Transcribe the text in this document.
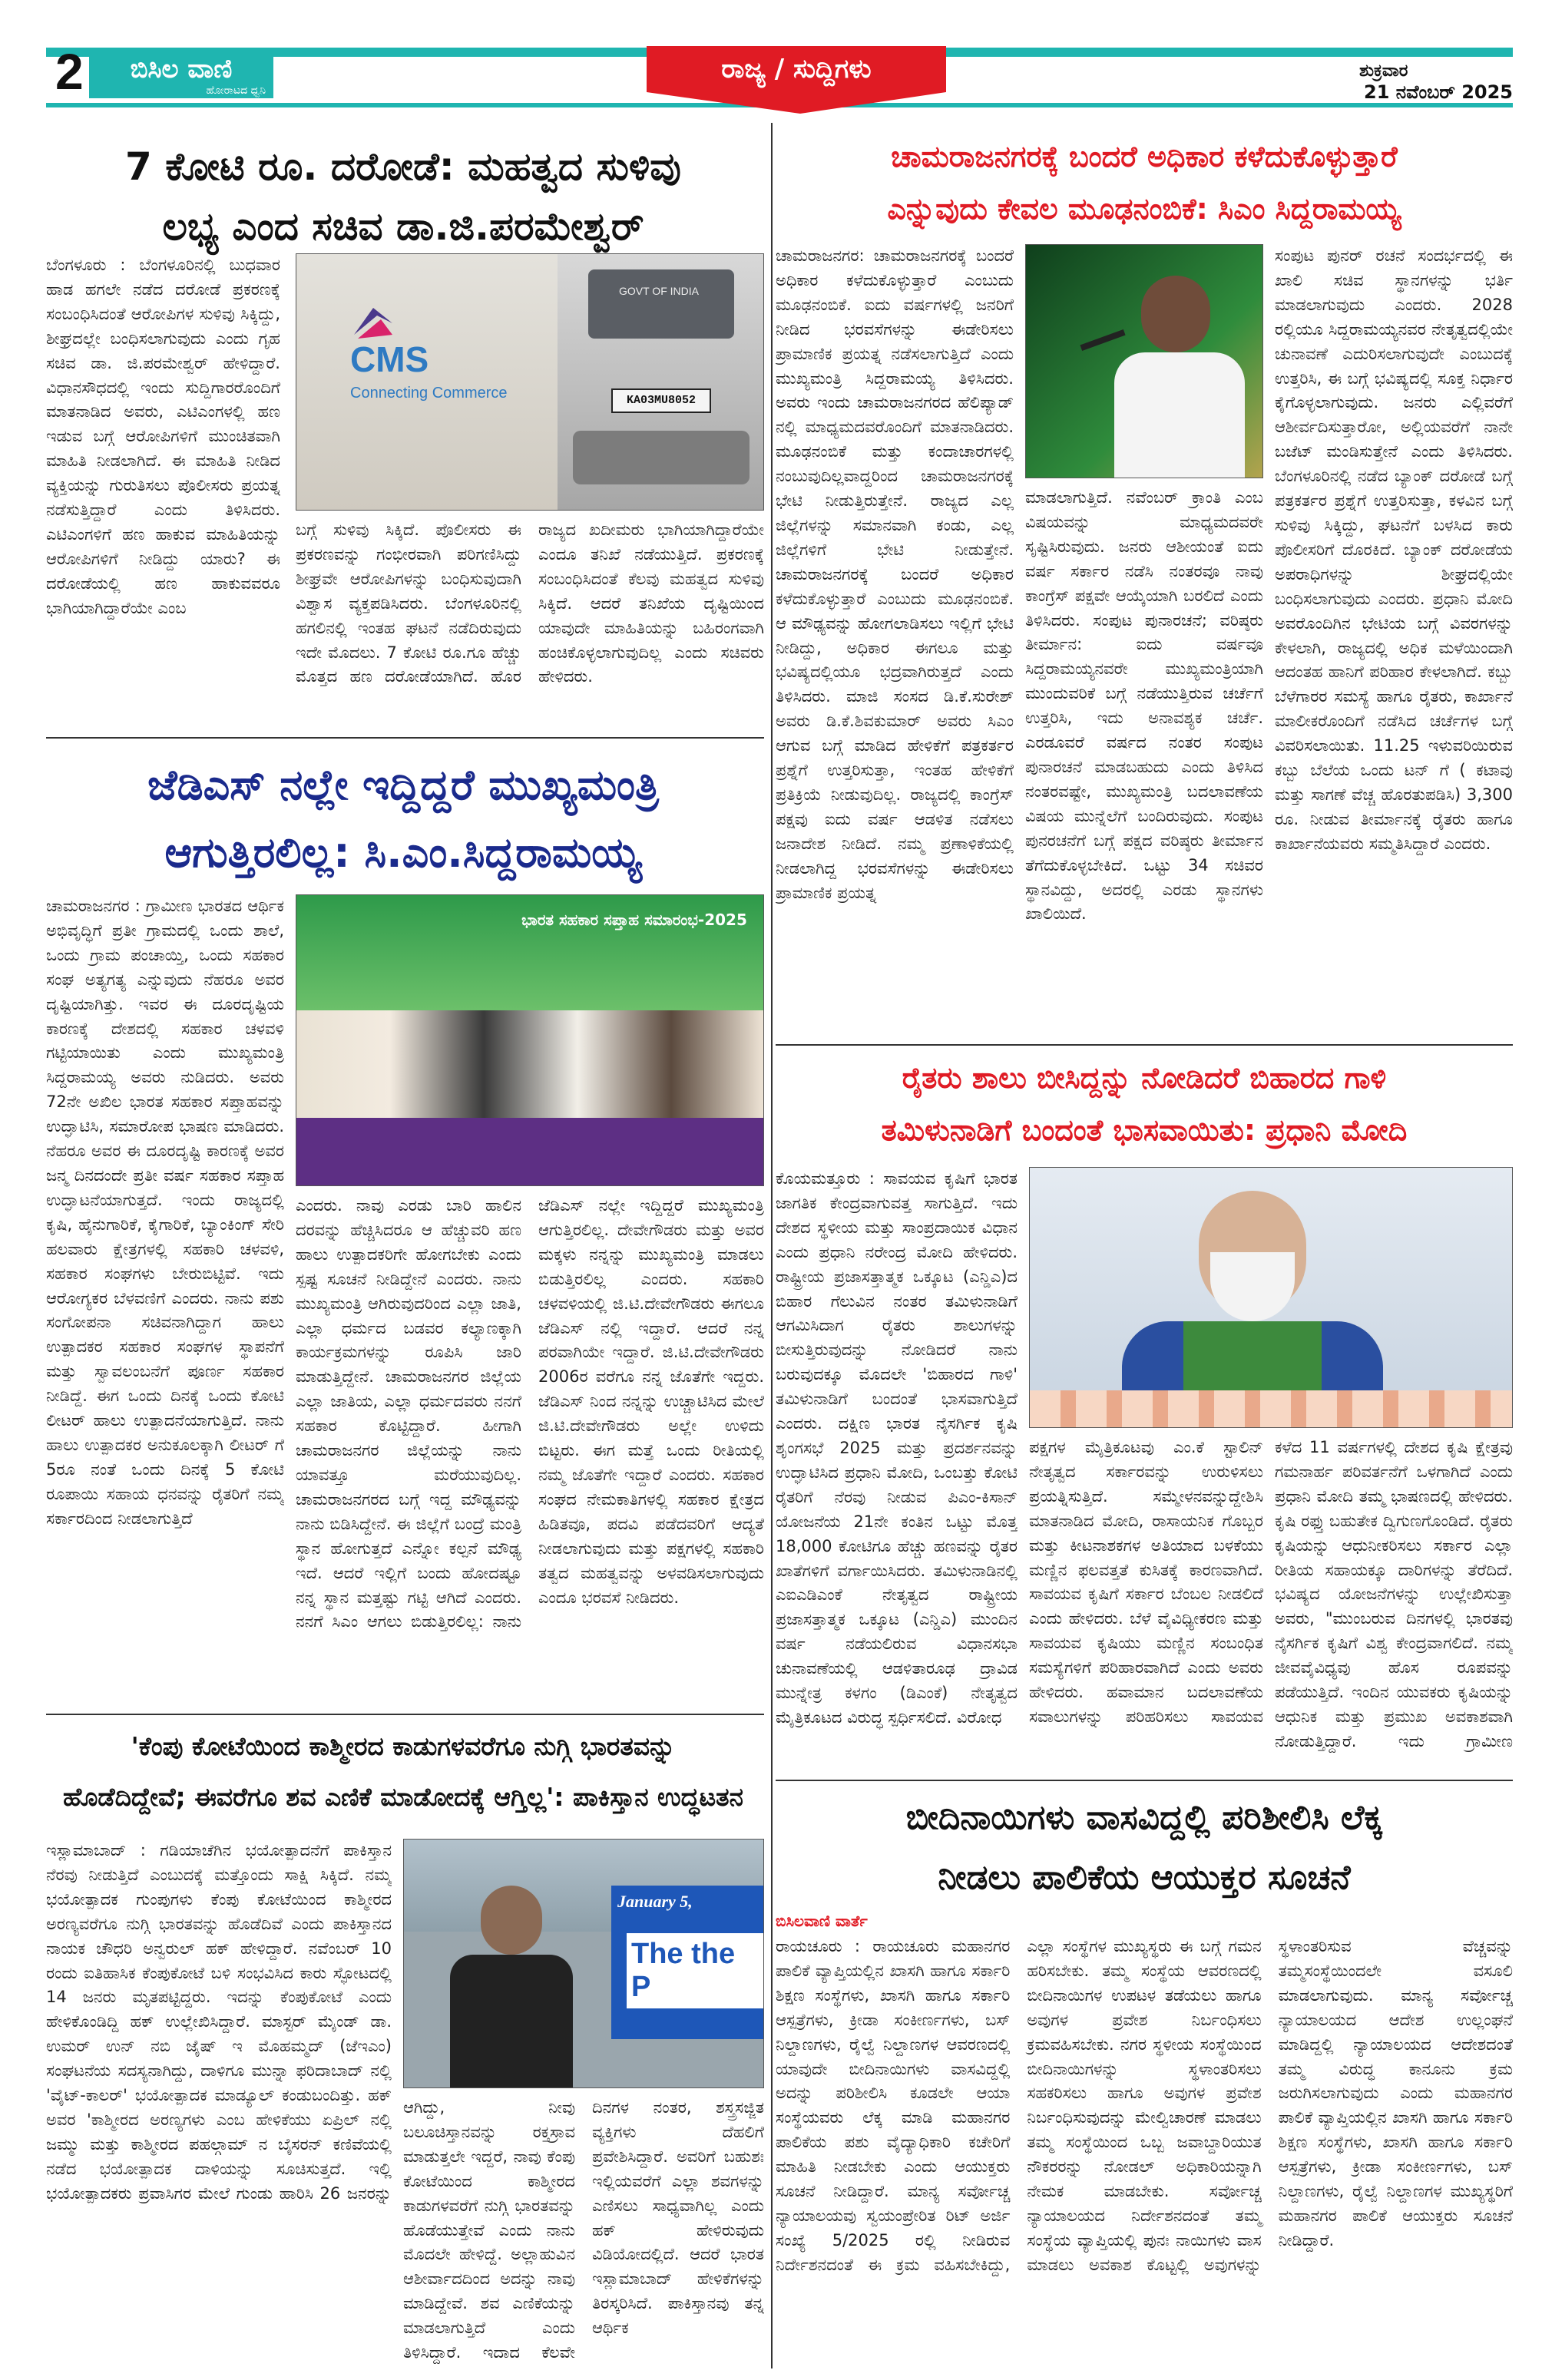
2	ಬಿಸಿಲ ವಾಣಿ
ಹೋರಾಟದ ಧ್ವನಿ
ರಾಜ್ಯ / ಸುದ್ದಿಗಳು	ಶುಕ್ರವಾರ
21 ನವೆಂಬರ್ 2025
7 ಕೋಟಿ ರೂ. ದರೋಡೆ: ಮಹತ್ವದ ಸುಳಿವು
ಲಭ್ಯ ಎಂದ ಸಚಿವ ಡಾ.ಜಿ.ಪರಮೇಶ್ವರ್
ಬೆಂಗಳೂರು : ಬೆಂಗಳೂರಿನಲ್ಲಿ ಬುಧವಾರ ಹಾಡ ಹಗಲೇ ನಡೆದ ದರೋಡೆ ಪ್ರಕರಣಕ್ಕೆ ಸಂಬಂಧಿಸಿದಂತೆ ಆರೋಪಿಗಳ ಸುಳಿವು ಸಿಕ್ಕಿದ್ದು, ಶೀಘ್ರದಲ್ಲೇ ಬಂಧಿಸಲಾಗುವುದು ಎಂದು ಗೃಹ ಸಚಿವ ಡಾ. ಜಿ.ಪರಮೇಶ್ವರ್ ಹೇಳಿದ್ದಾರೆ. ವಿಧಾನಸೌಧದಲ್ಲಿ ಇಂದು ಸುದ್ದಿಗಾರರೊಂದಿಗೆ ಮಾತನಾಡಿದ ಅವರು, ಎಟಿಎಂಗಳಲ್ಲಿ ಹಣ ಇಡುವ ಬಗ್ಗೆ ಆರೋಪಿಗಳಿಗೆ ಮುಂಚಿತವಾಗಿ ಮಾಹಿತಿ ನೀಡಲಾಗಿದೆ. ಈ ಮಾಹಿತಿ ನೀಡಿದ ವ್ಯಕ್ತಿಯನ್ನು ಗುರುತಿಸಲು ಪೊಲೀಸರು ಪ್ರಯತ್ನ ನಡೆಸುತ್ತಿದ್ದಾರೆ ಎಂದು ತಿಳಿಸಿದರು. ಎಟಿಎಂಗಳಿಗೆ ಹಣ ಹಾಕುವ ಮಾಹಿತಿಯನ್ನು ಆರೋಪಿಗಳಿಗೆ ನೀಡಿದ್ದು ಯಾರು? ಈ ದರೋಡೆಯಲ್ಲಿ ಹಣ ಹಾಕುವವರೂ ಭಾಗಿಯಾಗಿದ್ದಾರೆಯೇ ಎಂಬ
CMS
Connecting Commerce
GOVT OF INDIA
KA03MU8052
ಬಗ್ಗೆ ಸುಳಿವು ಸಿಕ್ಕಿದೆ. ಪೊಲೀಸರು ಈ ಪ್ರಕರಣವನ್ನು ಗಂಭೀರವಾಗಿ ಪರಿಗಣಿಸಿದ್ದು ಶೀಘ್ರವೇ ಆರೋಪಿಗಳನ್ನು ಬಂಧಿಸುವುದಾಗಿ ವಿಶ್ವಾಸ ವ್ಯಕ್ತಪಡಿಸಿದರು. ಬೆಂಗಳೂರಿನಲ್ಲಿ ಹಗಲಿನಲ್ಲಿ ಇಂತಹ ಘಟನೆ ನಡೆದಿರುವುದು ಇದೇ ಮೊದಲು. 7 ಕೋಟಿ ರೂ.ಗೂ ಹೆಚ್ಚು ಮೊತ್ತದ ಹಣ ದರೋಡೆಯಾಗಿದೆ. ಹೊರ ರಾಜ್ಯದ ಖದೀಮರು ಭಾಗಿಯಾಗಿದ್ದಾರೆಯೇ ಎಂದೂ ತನಿಖೆ ನಡೆಯುತ್ತಿದೆ. ಪ್ರಕರಣಕ್ಕೆ ಸಂಬಂಧಿಸಿದಂತೆ ಕೆಲವು ಮಹತ್ವದ ಸುಳಿವು ಸಿಕ್ಕಿದೆ. ಆದರೆ ತನಿಖೆಯ ದೃಷ್ಟಿಯಿಂದ ಯಾವುದೇ ಮಾಹಿತಿಯನ್ನು ಬಹಿರಂಗವಾಗಿ ಹಂಚಿಕೊಳ್ಳಲಾಗುವುದಿಲ್ಲ ಎಂದು ಸಚಿವರು ಹೇಳಿದರು.
ಜೆಡಿಎಸ್ ನಲ್ಲೇ ಇದ್ದಿದ್ದರೆ ಮುಖ್ಯಮಂತ್ರಿ
ಆಗುತ್ತಿರಲಿಲ್ಲ: ಸಿ.ಎಂ.ಸಿದ್ದರಾಮಯ್ಯ
ಚಾಮರಾಜನಗರ : ಗ್ರಾಮೀಣ ಭಾರತದ ಆರ್ಥಿಕ ಅಭಿವೃದ್ಧಿಗೆ ಪ್ರತೀ ಗ್ರಾಮದಲ್ಲಿ ಒಂದು ಶಾಲೆ, ಒಂದು ಗ್ರಾಮ ಪಂಚಾಯ್ತಿ, ಒಂದು ಸಹಕಾರ ಸಂಘ ಅತ್ಯಗತ್ಯ ಎನ್ನುವುದು ನೆಹರೂ ಅವರ ದೃಷ್ಟಿಯಾಗಿತ್ತು. ಇವರ ಈ ದೂರದೃಷ್ಟಿಯ ಕಾರಣಕ್ಕೆ ದೇಶದಲ್ಲಿ ಸಹಕಾರ ಚಳವಳಿ ಗಟ್ಟಿಯಾಯಿತು ಎಂದು ಮುಖ್ಯಮಂತ್ರಿ ಸಿದ್ದರಾಮಯ್ಯ ಅವರು ನುಡಿದರು. ಅವರು 72ನೇ ಅಖಿಲ ಭಾರತ ಸಹಕಾರ ಸಪ್ತಾಹವನ್ನು ಉದ್ಘಾಟಿಸಿ, ಸಮಾರೋಪ ಭಾಷಣ ಮಾಡಿದರು. ನೆಹರೂ ಅವರ ಈ ದೂರದೃಷ್ಟಿ ಕಾರಣಕ್ಕೆ ಅವರ ಜನ್ಮ ದಿನದಂದೇ ಪ್ರತೀ ವರ್ಷ ಸಹಕಾರ ಸಪ್ತಾಹ ಉದ್ಘಾಟನೆಯಾಗುತ್ತದೆ. ಇಂದು ರಾಜ್ಯದಲ್ಲಿ ಕೃಷಿ, ಹೈನುಗಾರಿಕೆ, ಕೈಗಾರಿಕೆ, ಬ್ಯಾಂಕಿಂಗ್ ಸೇರಿ ಹಲವಾರು ಕ್ಷೇತ್ರಗಳಲ್ಲಿ ಸಹಕಾರಿ ಚಳವಳಿ, ಸಹಕಾರ ಸಂಘಗಳು ಬೇರುಬಿಟ್ಟಿವೆ. ಇದು ಆರೋಗ್ಯಕರ ಬೆಳವಣಿಗೆ ಎಂದರು. ನಾನು ಪಶು ಸಂಗೋಪನಾ ಸಚಿವನಾಗಿದ್ದಾಗ ಹಾಲು ಉತ್ಪಾದಕರ ಸಹಕಾರ ಸಂಘಗಳ ಸ್ಥಾಪನೆಗೆ ಮತ್ತು ಸ್ವಾವಲಂಬನೆಗೆ ಪೂರ್ಣ ಸಹಕಾರ ನೀಡಿದ್ದೆ. ಈಗ ಒಂದು ದಿನಕ್ಕೆ ಒಂದು ಕೋಟಿ ಲೀಟರ್ ಹಾಲು ಉತ್ಪಾದನೆಯಾಗುತ್ತಿದೆ. ನಾನು ಹಾಲು ಉತ್ಪಾದಕರ ಅನುಕೂಲಕ್ಕಾಗಿ ಲೀಟರ್ ಗೆ 5ರೂ ನಂತೆ ಒಂದು ದಿನಕ್ಕೆ 5 ಕೋಟಿ ರೂಪಾಯಿ ಸಹಾಯ ಧನವನ್ನು ರೈತರಿಗೆ ನಮ್ಮ ಸರ್ಕಾರದಿಂದ ನೀಡಲಾಗುತ್ತಿದೆ
ಭಾರತ ಸಹಕಾರ ಸಪ್ತಾಹ ಸಮಾರಂಭ-2025
ಎಂದರು. ನಾವು ಎರಡು ಬಾರಿ ಹಾಲಿನ ದರವನ್ನು ಹೆಚ್ಚಿಸಿದರೂ ಆ ಹೆಚ್ಚುವರಿ ಹಣ ಹಾಲು ಉತ್ಪಾದಕರಿಗೇ ಹೋಗಬೇಕು ಎಂದು ಸ್ಪಷ್ಟ ಸೂಚನೆ ನೀಡಿದ್ದೇನೆ ಎಂದರು. ನಾನು ಮುಖ್ಯಮಂತ್ರಿ ಆಗಿರುವುದರಿಂದ ಎಲ್ಲಾ ಜಾತಿ, ಎಲ್ಲಾ ಧರ್ಮದ ಬಡವರ ಕಲ್ಯಾಣಕ್ಕಾಗಿ ಕಾರ್ಯಕ್ರಮಗಳನ್ನು ರೂಪಿಸಿ ಜಾರಿ ಮಾಡುತ್ತಿದ್ದೇನೆ. ಚಾಮರಾಜನಗರ ಜಿಲ್ಲೆಯ ಎಲ್ಲಾ ಜಾತಿಯ, ಎಲ್ಲಾ ಧರ್ಮದವರು ನನಗೆ ಸಹಕಾರ ಕೊಟ್ಟಿದ್ದಾರೆ. ಹೀಗಾಗಿ ಚಾಮರಾಜನಗರ ಜಿಲ್ಲೆಯನ್ನು ನಾನು ಯಾವತ್ತೂ ಮರೆಯುವುದಿಲ್ಲ. ಚಾಮರಾಜನಗರದ ಬಗ್ಗೆ ಇದ್ದ ಮೌಢ್ಯವನ್ನು ನಾನು ಬಿಡಿಸಿದ್ದೇನೆ. ಈ ಜಿಲ್ಲೆಗೆ ಬಂದ್ರೆ ಮಂತ್ರಿ ಸ್ಥಾನ ಹೋಗುತ್ತದೆ ಎನ್ನೋ ಕಲ್ಪನೆ ಮೌಢ್ಯ ಇದೆ. ಆದರೆ ಇಲ್ಲಿಗೆ ಬಂದು ಹೋದಷ್ಟೂ ನನ್ನ ಸ್ಥಾನ ಮತ್ತಷ್ಟು ಗಟ್ಟಿ ಆಗಿದೆ ಎಂದರು. ನನಗೆ ಸಿಎಂ ಆಗಲು ಬಿಡುತ್ತಿರಲಿಲ್ಲ: ನಾನು ಜೆಡಿಎಸ್ ನಲ್ಲೇ ಇದ್ದಿದ್ದರೆ ಮುಖ್ಯಮಂತ್ರಿ ಆಗುತ್ತಿರಲಿಲ್ಲ. ದೇವೇಗೌಡರು ಮತ್ತು ಅವರ ಮಕ್ಕಳು ನನ್ನನ್ನು ಮುಖ್ಯಮಂತ್ರಿ ಮಾಡಲು ಬಿಡುತ್ತಿರಲಿಲ್ಲ ಎಂದರು. ಸಹಕಾರಿ ಚಳವಳಿಯಲ್ಲಿ ಜಿ.ಟಿ.ದೇವೇಗೌಡರು ಈಗಲೂ ಜೆಡಿಎಸ್ ನಲ್ಲಿ ಇದ್ದಾರೆ. ಆದರೆ ನನ್ನ ಪರವಾಗಿಯೇ ಇದ್ದಾರೆ. ಜಿ.ಟಿ.ದೇವೇಗೌಡರು 2006ರ ವರೆಗೂ ನನ್ನ ಜೊತೆಗೇ ಇದ್ದರು. ಜೆಡಿಎಸ್ ನಿಂದ ನನ್ನನ್ನು ಉಚ್ಚಾಟಿಸಿದ ಮೇಲೆ ಜಿ.ಟಿ.ದೇವೇಗೌಡರು ಅಲ್ಲೇ ಉಳಿದು ಬಿಟ್ಟರು. ಈಗ ಮತ್ತೆ ಒಂದು ರೀತಿಯಲ್ಲಿ ನಮ್ಮ ಜೊತೆಗೇ ಇದ್ದಾರೆ ಎಂದರು. ಸಹಕಾರ ಸಂಘದ ನೇಮಕಾತಿಗಳಲ್ಲಿ ಸಹಕಾರ ಕ್ಷೇತ್ರದ ಹಿಡಿತವೂ, ಪದವಿ ಪಡೆದವರಿಗೆ ಆದ್ಯತೆ ನೀಡಲಾಗುವುದು ಮತ್ತು ಪಕ್ಷಗಳಲ್ಲಿ ಸಹಕಾರಿ ತತ್ವದ ಮಹತ್ವವನ್ನು ಅಳವಡಿಸಲಾಗುವುದು ಎಂದೂ ಭರವಸೆ ನೀಡಿದರು.
'ಕೆಂಪು ಕೋಟೆಯಿಂದ ಕಾಶ್ಮೀರದ ಕಾಡುಗಳವರೆಗೂ ನುಗ್ಗಿ ಭಾರತವನ್ನು
ಹೊಡೆದಿದ್ದೇವೆ; ಈವರೆಗೂ ಶವ ಎಣಿಕೆ ಮಾಡೋದಕ್ಕೆ ಆಗ್ತಿಲ್ಲ': ಪಾಕಿಸ್ತಾನ ಉದ್ಧಟತನ
ಇಸ್ಲಾಮಾಬಾದ್ : ಗಡಿಯಾಚೆಗಿನ ಭಯೋತ್ಪಾದನೆಗೆ ಪಾಕಿಸ್ತಾನ ನೆರವು ನೀಡುತ್ತಿದೆ ಎಂಬುದಕ್ಕೆ ಮತ್ತೊಂದು ಸಾಕ್ಷಿ ಸಿಕ್ಕಿದೆ. ನಮ್ಮ ಭಯೋತ್ಪಾದಕ ಗುಂಪುಗಳು ಕೆಂಪು ಕೋಟೆಯಿಂದ ಕಾಶ್ಮೀರದ ಅರಣ್ಯವರೆಗೂ ನುಗ್ಗಿ ಭಾರತವನ್ನು ಹೊಡೆದಿವೆ ಎಂದು ಪಾಕಿಸ್ತಾನದ ನಾಯಕ ಚೌಧರಿ ಅನ್ವರುಲ್ ಹಕ್ ಹೇಳಿದ್ದಾರೆ. ನವೆಂಬರ್ 10 ರಂದು ಐತಿಹಾಸಿಕ ಕೆಂಪುಕೋಟೆ ಬಳಿ ಸಂಭವಿಸಿದ ಕಾರು ಸ್ಫೋಟದಲ್ಲಿ 14 ಜನರು ಮೃತಪಟ್ಟಿದ್ದರು. ಇದನ್ನು ಕೆಂಪುಕೋಟೆ ಎಂದು ಹೇಳಿಕೊಂಡಿದ್ದಿ ಹಕ್ ಉಲ್ಲೇಖಿಸಿದ್ದಾರೆ. ಮಾಸ್ಟರ್ ಮೈಂಡ್ ಡಾ. ಉಮರ್ ಉನ್ ನಬಿ ಜೈಷ್ ಇ ಮೊಹಮ್ಮದ್ (ಜೆಇಎಂ) ಸಂಘಟನೆಯ ಸದಸ್ಯನಾಗಿದ್ದು, ದಾಳಿಗೂ ಮುನ್ನಾ ಫರಿದಾಬಾದ್ ನಲ್ಲಿ 'ವೈಟ್-ಕಾಲರ್' ಭಯೋತ್ಪಾದಕ ಮಾಡ್ಯೂಲ್ ಕಂಡುಬಂದಿತ್ತು. ಹಕ್ ಅವರ 'ಕಾಶ್ಮೀರದ ಅರಣ್ಯಗಳು ಎಂಬ ಹೇಳಿಕೆಯು ಏಪ್ರಿಲ್ ನಲ್ಲಿ ಜಮ್ಮು ಮತ್ತು ಕಾಶ್ಮೀರದ ಪಹಲ್ಗಾಮ್ ನ ಬೈಸರನ್ ಕಣಿವೆಯಲ್ಲಿ ನಡೆದ ಭಯೋತ್ಪಾದಕ ದಾಳಿಯನ್ನು ಸೂಚಿಸುತ್ತದೆ. ಇಲ್ಲಿ ಭಯೋತ್ಪಾದಕರು ಪ್ರವಾಸಿಗರ ಮೇಲೆ ಗುಂಡು ಹಾರಿಸಿ 26 ಜನರನ್ನು
January 5,
The the P
ಆಗಿದ್ದು, ನೀವು ಬಲೂಚಿಸ್ತಾನವನ್ನು ರಕ್ತಸ್ರಾವ ಮಾಡುತ್ತಲೇ ಇದ್ದರೆ, ನಾವು ಕೆಂಪು ಕೋಟೆಯಿಂದ ಕಾಶ್ಮೀರದ ಕಾಡುಗಳವರೆಗೆ ನುಗ್ಗಿ ಭಾರತವನ್ನು ಹೊಡೆಯುತ್ತೇವೆ ಎಂದು ನಾನು ಮೊದಲೇ ಹೇಳಿದ್ದೆ. ಅಲ್ಲಾಹುವಿನ ಆಶೀರ್ವಾದದಿಂದ ಅದನ್ನು ನಾವು ಮಾಡಿದ್ದೇವೆ. ಶವ ಎಣಿಕೆಯನ್ನು ಮಾಡಲಾಗುತ್ತಿದೆ ಎಂದು ತಿಳಿಸಿದ್ದಾರೆ. ಇದಾದ ಕೆಲವೇ ದಿನಗಳ ನಂತರ, ಶಸ್ತ್ರಸಜ್ಜಿತ ವ್ಯಕ್ತಿಗಳು ದೆಹಲಿಗೆ ಪ್ರವೇಶಿಸಿದ್ದಾರೆ. ಅವರಿಗೆ ಬಹುಶಃ ಇಲ್ಲಿಯವರೆಗೆ ಎಲ್ಲಾ ಶವಗಳನ್ನು ಎಣಿಸಲು ಸಾಧ್ಯವಾಗಿಲ್ಲ ಎಂದು ಹಕ್ ಹೇಳಿರುವುದು ವಿಡಿಯೋದಲ್ಲಿದೆ. ಆದರೆ ಭಾರತ ಇಸ್ಲಾಮಾಬಾದ್ ಹೇಳಿಕೆಗಳನ್ನು ತಿರಸ್ಕರಿಸಿದೆ. ಪಾಕಿಸ್ತಾನವು ತನ್ನ ಆರ್ಥಿಕ
ಚಾಮರಾಜನಗರಕ್ಕೆ ಬಂದರೆ ಅಧಿಕಾರ ಕಳೆದುಕೊಳ್ಳುತ್ತಾರೆ
ಎನ್ನುವುದು ಕೇವಲ ಮೂಢನಂಬಿಕೆ: ಸಿಎಂ ಸಿದ್ದರಾಮಯ್ಯ
ಚಾಮರಾಜನಗರ: ಚಾಮರಾಜನಗರಕ್ಕೆ ಬಂದರೆ ಅಧಿಕಾರ ಕಳೆದುಕೊಳ್ಳುತ್ತಾರೆ ಎಂಬುದು ಮೂಢನಂಬಿಕೆ. ಐದು ವರ್ಷಗಳಲ್ಲಿ ಜನರಿಗೆ ನೀಡಿದ ಭರವಸೆಗಳನ್ನು ಈಡೇರಿಸಲು ಪ್ರಾಮಾಣಿಕ ಪ್ರಯತ್ನ ನಡೆಸಲಾಗುತ್ತಿದೆ ಎಂದು ಮುಖ್ಯಮಂತ್ರಿ ಸಿದ್ದರಾಮಯ್ಯ ತಿಳಿಸಿದರು. ಅವರು ಇಂದು ಚಾಮರಾಜನಗರದ ಹೆಲಿಪ್ಯಾಡ್ ನಲ್ಲಿ ಮಾಧ್ಯಮದವರೊಂದಿಗೆ ಮಾತನಾಡಿದರು. ಮೂಢನಂಬಿಕೆ ಮತ್ತು ಕಂದಾಚಾರಗಳಲ್ಲಿ ನಂಬುವುದಿಲ್ಲವಾದ್ದರಿಂದ ಚಾಮರಾಜನಗರಕ್ಕೆ ಭೇಟಿ ನೀಡುತ್ತಿರುತ್ತೇನೆ. ರಾಜ್ಯದ ಎಲ್ಲ ಜಿಲ್ಲೆಗಳನ್ನು ಸಮಾನವಾಗಿ ಕಂಡು, ಎಲ್ಲ ಜಿಲ್ಲೆಗಳಿಗೆ ಭೇಟಿ ನೀಡುತ್ತೇನೆ. ಚಾಮರಾಜನಗರಕ್ಕೆ ಬಂದರೆ ಅಧಿಕಾರ ಕಳೆದುಕೊಳ್ಳುತ್ತಾರೆ ಎಂಬುದು ಮೂಢನಂಬಿಕೆ. ಆ ಮೌಢ್ಯವನ್ನು ಹೋಗಲಾಡಿಸಲು ಇಲ್ಲಿಗೆ ಭೇಟಿ ನೀಡಿದ್ದು, ಅಧಿಕಾರ ಈಗಲೂ ಮತ್ತು ಭವಿಷ್ಯದಲ್ಲಿಯೂ ಭದ್ರವಾಗಿರುತ್ತದೆ ಎಂದು ತಿಳಿಸಿದರು. ಮಾಜಿ ಸಂಸದ ಡಿ.ಕೆ.ಸುರೇಶ್ ಅವರು ಡಿ.ಕೆ.ಶಿವಕುಮಾರ್ ಅವರು ಸಿಎಂ ಆಗುವ ಬಗ್ಗೆ ಮಾಡಿದ ಹೇಳಿಕೆಗೆ ಪತ್ರಕರ್ತರ ಪ್ರಶ್ನೆಗೆ ಉತ್ತರಿಸುತ್ತಾ, ಇಂತಹ ಹೇಳಿಕೆಗೆ ಪ್ರತಿಕ್ರಿಯೆ ನೀಡುವುದಿಲ್ಲ. ರಾಜ್ಯದಲ್ಲಿ ಕಾಂಗ್ರೆಸ್ ಪಕ್ಷವು ಐದು ವರ್ಷ ಆಡಳಿತ ನಡೆಸಲು ಜನಾದೇಶ ನೀಡಿದೆ. ನಮ್ಮ ಪ್ರಣಾಳಿಕೆಯಲ್ಲಿ ನೀಡಲಾಗಿದ್ದ ಭರವಸೆಗಳನ್ನು ಈಡೇರಿಸಲು ಪ್ರಾಮಾಣಿಕ ಪ್ರಯತ್ನ
ಮಾಡಲಾಗುತ್ತಿದೆ. ನವೆಂಬರ್ ಕ್ರಾಂತಿ ಎಂಬ ವಿಷಯವನ್ನು ಮಾಧ್ಯಮದವರೇ ಸೃಷ್ಟಿಸಿರುವುದು. ಜನರು ಆಶೀಯಂತೆ ಐದು ವರ್ಷ ಸರ್ಕಾರ ನಡೆಸಿ ನಂತರವೂ ನಾವು ಕಾಂಗ್ರೆಸ್ ಪಕ್ಷವೇ ಆಯ್ಕೆಯಾಗಿ ಬರಲಿದೆ ಎಂದು ತಿಳಿಸಿದರು. ಸಂಪುಟ ಪುನಾರಚನೆ; ವರಿಷ್ಠರು ತೀರ್ಮಾನ: ಐದು ವರ್ಷವೂ ಸಿದ್ದರಾಮಯ್ಯನವರೇ ಮುಖ್ಯಮಂತ್ರಿಯಾಗಿ ಮುಂದುವರಿಕೆ ಬಗ್ಗೆ ನಡೆಯುತ್ತಿರುವ ಚರ್ಚೆಗೆ ಉತ್ತರಿಸಿ, ಇದು ಅನಾವಶ್ಯಕ ಚರ್ಚೆ. ಎರಡೂವರೆ ವರ್ಷದ ನಂತರ ಸಂಪುಟ ಪುನಾರಚನೆ ಮಾಡಬಹುದು ಎಂದು ತಿಳಿಸಿದ ನಂತರವಷ್ಟೇ, ಮುಖ್ಯಮಂತ್ರಿ ಬದಲಾವಣೆಯ ವಿಷಯ ಮುನ್ನೆಲೆಗೆ ಬಂದಿರುವುದು. ಸಂಪುಟ ಪುನರಚನೆಗೆ ಬಗ್ಗೆ ಪಕ್ಷದ ವರಿಷ್ಠರು ತೀರ್ಮಾನ ತೆಗೆದುಕೊಳ್ಳಬೇಕಿದೆ. ಒಟ್ಟು 34 ಸಚಿವರ ಸ್ಥಾನವಿದ್ದು, ಅದರಲ್ಲಿ ಎರಡು ಸ್ಥಾನಗಳು ಖಾಲಿಯಿದೆ.
ಸಂಪುಟ ಪುನರ್ ರಚನೆ ಸಂದರ್ಭದಲ್ಲಿ ಈ ಖಾಲಿ ಸಚಿವ ಸ್ಥಾನಗಳನ್ನು ಭರ್ತಿ ಮಾಡಲಾಗುವುದು ಎಂದರು. 2028 ರಲ್ಲಿಯೂ ಸಿದ್ದರಾಮಯ್ಯನವರ ನೇತೃತ್ವದಲ್ಲಿಯೇ ಚುನಾವಣೆ ಎದುರಿಸಲಾಗುವುದೇ ಎಂಬುದಕ್ಕೆ ಉತ್ತರಿಸಿ, ಈ ಬಗ್ಗೆ ಭವಿಷ್ಯದಲ್ಲಿ ಸೂಕ್ತ ನಿರ್ಧಾರ ಕೈಗೊಳ್ಳಲಾಗುವುದು. ಜನರು ಎಲ್ಲಿವರೆಗೆ ಆಶೀರ್ವದಿಸುತ್ತಾರೋ, ಅಲ್ಲಿಯವರೆಗೆ ನಾನೇ ಬಜೆಟ್ ಮಂಡಿಸುತ್ತೇನೆ ಎಂದು ತಿಳಿಸಿದರು. ಬೆಂಗಳೂರಿನಲ್ಲಿ ನಡೆದ ಬ್ಯಾಂಕ್ ದರೋಡೆ ಬಗ್ಗೆ ಪತ್ರಕರ್ತರ ಪ್ರಶ್ನೆಗೆ ಉತ್ತರಿಸುತ್ತಾ, ಕಳವಿನ ಬಗ್ಗೆ ಸುಳಿವು ಸಿಕ್ಕಿದ್ದು, ಘಟನೆಗೆ ಬಳಸಿದ ಕಾರು ಪೊಲೀಸರಿಗೆ ದೊರಕಿದೆ. ಬ್ಯಾಂಕ್ ದರೋಡೆಯ ಅಪರಾಧಿಗಳನ್ನು ಶೀಘ್ರದಲ್ಲಿಯೇ ಬಂಧಿಸಲಾಗುವುದು ಎಂದರು. ಪ್ರಧಾನಿ ಮೋದಿ ಅವರೊಂದಿಗಿನ ಭೇಟಿಯ ಬಗ್ಗೆ ವಿವರಗಳನ್ನು ಕೇಳಲಾಗಿ, ರಾಜ್ಯದಲ್ಲಿ ಅಧಿಕ ಮಳೆಯಿಂದಾಗಿ ಆದಂತಹ ಹಾನಿಗೆ ಪರಿಹಾರ ಕೇಳಲಾಗಿದೆ. ಕಬ್ಬು ಬೆಳೆಗಾರರ ಸಮಸ್ಯೆ ಹಾಗೂ ರೈತರು, ಕಾರ್ಖಾನೆ ಮಾಲೀಕರೊಂದಿಗೆ ನಡೆಸಿದ ಚರ್ಚೆಗಳ ಬಗ್ಗೆ ವಿವರಿಸಲಾಯಿತು. 11.25 ಇಳುವರಿಯಿರುವ ಕಬ್ಬು ಬೆಲೆಯ ಒಂದು ಟನ್ ಗೆ ( ಕಟಾವು ಮತ್ತು ಸಾಗಣೆ ವೆಚ್ಚ ಹೊರತುಪಡಿಸಿ) 3,300 ರೂ. ನೀಡುವ ತೀರ್ಮಾನಕ್ಕೆ ರೈತರು ಹಾಗೂ ಕಾರ್ಖಾನೆಯವರು ಸಮ್ಮತಿಸಿದ್ದಾರೆ ಎಂದರು.
ರೈತರು ಶಾಲು ಬೀಸಿದ್ದನ್ನು ನೋಡಿದರೆ ಬಿಹಾರದ ಗಾಳಿ
ತಮಿಳುನಾಡಿಗೆ ಬಂದಂತೆ ಭಾಸವಾಯಿತು: ಪ್ರಧಾನಿ ಮೋದಿ
ಕೊಯಮತ್ತೂರು : ಸಾವಯವ ಕೃಷಿಗೆ ಭಾರತ ಜಾಗತಿಕ ಕೇಂದ್ರವಾಗುವತ್ತ ಸಾಗುತ್ತಿದೆ. ಇದು ದೇಶದ ಸ್ಥಳೀಯ ಮತ್ತು ಸಾಂಪ್ರದಾಯಿಕ ವಿಧಾನ ಎಂದು ಪ್ರಧಾನಿ ನರೇಂದ್ರ ಮೋದಿ ಹೇಳಿದರು. ರಾಷ್ಟ್ರೀಯ ಪ್ರಜಾಸತ್ತಾತ್ಮಕ ಒಕ್ಕೂಟ (ಎನ್ಡಿಎ)ದ ಬಿಹಾರ ಗೆಲುವಿನ ನಂತರ ತಮಿಳುನಾಡಿಗೆ ಆಗಮಿಸಿದಾಗ ರೈತರು ಶಾಲುಗಳನ್ನು ಬೀಸುತ್ತಿರುವುದನ್ನು ನೋಡಿದರೆ ನಾನು ಬರುವುದಕ್ಕೂ ಮೊದಲೇ 'ಬಿಹಾರದ ಗಾಳಿ' ತಮಿಳುನಾಡಿಗೆ ಬಂದಂತೆ ಭಾಸವಾಗುತ್ತಿದೆ ಎಂದರು. ದಕ್ಷಿಣ ಭಾರತ ನೈಸರ್ಗಿಕ ಕೃಷಿ ಶೃಂಗಸಭೆ 2025 ಮತ್ತು ಪ್ರದರ್ಶನವನ್ನು ಉದ್ಘಾಟಿಸಿದ ಪ್ರಧಾನಿ ಮೋದಿ, ಒಂಬತ್ತು ಕೋಟಿ ರೈತರಿಗೆ ನೆರವು ನೀಡುವ ಪಿಎಂ-ಕಿಸಾನ್ ಯೋಜನೆಯ 21ನೇ ಕಂತಿನ ಒಟ್ಟು ಮೊತ್ತ 18,000 ಕೋಟಿಗೂ ಹೆಚ್ಚು ಹಣವನ್ನು ರೈತರ ಖಾತೆಗಳಿಗೆ ವರ್ಗಾಯಿಸಿದರು. ತಮಿಳುನಾಡಿನಲ್ಲಿ ಎಐಎಡಿಎಂಕೆ ನೇತೃತ್ವದ ರಾಷ್ಟ್ರೀಯ ಪ್ರಜಾಸತ್ತಾತ್ಮಕ ಒಕ್ಕೂಟ (ಎನ್ಡಿಎ) ಮುಂದಿನ ವರ್ಷ ನಡೆಯಲಿರುವ ವಿಧಾನಸಭಾ ಚುನಾವಣೆಯಲ್ಲಿ ಆಡಳಿತಾರೂಢ ದ್ರಾವಿಡ ಮುನ್ನೇತ್ರ ಕಳಗಂ (ಡಿಎಂಕೆ) ನೇತೃತ್ವದ ಮೈತ್ರಿಕೂಟದ ವಿರುದ್ಧ ಸ್ಪರ್ಧಿಸಲಿದೆ. ವಿರೋಧ
ಪಕ್ಷಗಳ ಮೈತ್ರಿಕೂಟವು ಎಂ.ಕೆ ಸ್ಟಾಲಿನ್ ನೇತೃತ್ವದ ಸರ್ಕಾರವನ್ನು ಉರುಳಿಸಲು ಪ್ರಯತ್ನಿಸುತ್ತಿದೆ. ಸಮ್ಮೇಳನವನ್ನುದ್ದೇಶಿಸಿ ಮಾತನಾಡಿದ ಮೋದಿ, ರಾಸಾಯನಿಕ ಗೊಬ್ಬರ ಮತ್ತು ಕೀಟನಾಶಕಗಳ ಅತಿಯಾದ ಬಳಕೆಯು ಮಣ್ಣಿನ ಫಲವತ್ತತೆ ಕುಸಿತಕ್ಕೆ ಕಾರಣವಾಗಿದೆ. ಸಾವಯವ ಕೃಷಿಗೆ ಸರ್ಕಾರ ಬೆಂಬಲ ನೀಡಲಿದೆ ಎಂದು ಹೇಳಿದರು. ಬೆಳೆ ವೈವಿಧ್ಯೀಕರಣ ಮತ್ತು ಸಾವಯವ ಕೃಷಿಯು ಮಣ್ಣಿನ ಸಂಬಂಧಿತ ಸಮಸ್ಯೆಗಳಿಗೆ ಪರಿಹಾರವಾಗಿದೆ ಎಂದು ಅವರು ಹೇಳಿದರು. ಹವಾಮಾನ ಬದಲಾವಣೆಯ ಸವಾಲುಗಳನ್ನು ಪರಿಹರಿಸಲು ಸಾವಯವ
ಕಳೆದ 11 ವರ್ಷಗಳಲ್ಲಿ ದೇಶದ ಕೃಷಿ ಕ್ಷೇತ್ರವು ಗಮನಾರ್ಹ ಪರಿವರ್ತನೆಗೆ ಒಳಗಾಗಿದೆ ಎಂದು ಪ್ರಧಾನಿ ಮೋದಿ ತಮ್ಮ ಭಾಷಣದಲ್ಲಿ ಹೇಳಿದರು. ಕೃಷಿ ರಫ್ತು ಬಹುತೇಕ ದ್ವಿಗುಣಗೊಂಡಿದೆ. ರೈತರು ಕೃಷಿಯನ್ನು ಆಧುನೀಕರಿಸಲು ಸರ್ಕಾರ ಎಲ್ಲಾ ರೀತಿಯ ಸಹಾಯಕ್ಕೂ ದಾರಿಗಳನ್ನು ತೆರೆದಿದೆ. ಭವಿಷ್ಯದ ಯೋಜನೆಗಳನ್ನು ಉಲ್ಲೇಖಿಸುತ್ತಾ ಅವರು, "ಮುಂಬರುವ ದಿನಗಳಲ್ಲಿ ಭಾರತವು ನೈಸರ್ಗಿಕ ಕೃಷಿಗೆ ವಿಶ್ವ ಕೇಂದ್ರವಾಗಲಿದೆ. ನಮ್ಮ ಜೀವವೈವಿಧ್ಯವು ಹೊಸ ರೂಪವನ್ನು ಪಡೆಯುತ್ತಿದೆ. ಇಂದಿನ ಯುವಕರು ಕೃಷಿಯನ್ನು ಆಧುನಿಕ ಮತ್ತು ಪ್ರಮುಖ ಅವಕಾಶವಾಗಿ ನೋಡುತ್ತಿದ್ದಾರೆ. ಇದು ಗ್ರಾಮೀಣ
ಬೀದಿನಾಯಿಗಳು ವಾಸವಿದ್ದಲ್ಲಿ ಪರಿಶೀಲಿಸಿ ಲೆಕ್ಕ
ನೀಡಲು ಪಾಲಿಕೆಯ ಆಯುಕ್ತರ ಸೂಚನೆ
ಬಿಸಿಲವಾಣಿ ವಾರ್ತೆ
ರಾಯಚೂರು : ರಾಯಚೂರು ಮಹಾನಗರ ಪಾಲಿಕೆ ವ್ಯಾಪ್ತಿಯಲ್ಲಿನ ಖಾಸಗಿ ಹಾಗೂ ಸರ್ಕಾರಿ ಶಿಕ್ಷಣ ಸಂಸ್ಥೆಗಳು, ಖಾಸಗಿ ಹಾಗೂ ಸರ್ಕಾರಿ ಆಸ್ಪತ್ರೆಗಳು, ಕ್ರೀಡಾ ಸಂಕೀರ್ಣಗಳು, ಬಸ್ ನಿಲ್ದಾಣಗಳು, ರೈಲ್ವೆ ನಿಲ್ದಾಣಗಳ ಆವರಣದಲ್ಲಿ ಯಾವುದೇ ಬೀದಿನಾಯಿಗಳು ವಾಸವಿದ್ದಲ್ಲಿ ಅದನ್ನು ಪರಿಶೀಲಿಸಿ ಕೂಡಲೇ ಆಯಾ ಸಂಸ್ಥೆಯವರು ಲೆಕ್ಕ ಮಾಡಿ ಮಹಾನಗರ ಪಾಲಿಕೆಯ ಪಶು ವೈದ್ಯಾಧಿಕಾರಿ ಕಚೇರಿಗೆ ಮಾಹಿತಿ ನೀಡಬೇಕು ಎಂದು ಆಯುಕ್ತರು ಸೂಚನೆ ನೀಡಿದ್ದಾರೆ. ಮಾನ್ಯ ಸರ್ವೋಚ್ಚ ನ್ಯಾಯಾಲಯವು ಸ್ವಯಂಪ್ರೇರಿತ ರಿಟ್ ಅರ್ಜಿ ಸಂಖ್ಯೆ 5/2025 ರಲ್ಲಿ ನೀಡಿರುವ ನಿರ್ದೇಶನದಂತೆ ಈ ಕ್ರಮ ವಹಿಸಬೇಕಿದ್ದು, ಎಲ್ಲಾ ಸಂಸ್ಥೆಗಳ ಮುಖ್ಯಸ್ಥರು ಈ ಬಗ್ಗೆ ಗಮನ ಹರಿಸಬೇಕು. ತಮ್ಮ ಸಂಸ್ಥೆಯ ಆವರಣದಲ್ಲಿ ಬೀದಿನಾಯಿಗಳ ಉಪಟಳ ತಡೆಯಲು ಹಾಗೂ ಅವುಗಳ ಪ್ರವೇಶ ನಿರ್ಬಂಧಿಸಲು ಕ್ರಮವಹಿಸಬೇಕು. ನಗರ ಸ್ಥಳೀಯ ಸಂಸ್ಥೆಯಿಂದ ಬೀದಿನಾಯಿಗಳನ್ನು ಸ್ಥಳಾಂತರಿಸಲು ಸಹಕರಿಸಲು ಹಾಗೂ ಅವುಗಳ ಪ್ರವೇಶ ನಿರ್ಬಂಧಿಸುವುದನ್ನು ಮೇಲ್ವಿಚಾರಣೆ ಮಾಡಲು ತಮ್ಮ ಸಂಸ್ಥೆಯಿಂದ ಒಬ್ಬ ಜವಾಬ್ದಾರಿಯುತ ನೌಕರರನ್ನು ನೋಡಲ್ ಅಧಿಕಾರಿಯನ್ನಾಗಿ ನೇಮಕ ಮಾಡಬೇಕು. ಸರ್ವೋಚ್ಚ ನ್ಯಾಯಾಲಯದ ನಿರ್ದೇಶನದಂತೆ ತಮ್ಮ ಸಂಸ್ಥೆಯ ವ್ಯಾಪ್ತಿಯಲ್ಲಿ ಪುನಃ ನಾಯಿಗಳು ವಾಸ ಮಾಡಲು ಅವಕಾಶ ಕೊಟ್ಟಲ್ಲಿ ಅವುಗಳನ್ನು ಸ್ಥಳಾಂತರಿಸುವ ವೆಚ್ಚವನ್ನು ತಮ್ಮಸಂಸ್ಥೆಯಿಂದಲೇ ವಸೂಲಿ ಮಾಡಲಾಗುವುದು. ಮಾನ್ಯ ಸರ್ವೋಚ್ಚ ನ್ಯಾಯಾಲಯದ ಆದೇಶ ಉಲ್ಲಂಘನೆ ಮಾಡಿದ್ದಲ್ಲಿ ನ್ಯಾಯಾಲಯದ ಆದೇಶದಂತೆ ತಮ್ಮ ವಿರುದ್ಧ ಕಾನೂನು ಕ್ರಮ ಜರುಗಿಸಲಾಗುವುದು ಎಂದು ಮಹಾನಗರ ಪಾಲಿಕೆ ವ್ಯಾಪ್ತಿಯಲ್ಲಿನ ಖಾಸಗಿ ಹಾಗೂ ಸರ್ಕಾರಿ ಶಿಕ್ಷಣ ಸಂಸ್ಥೆಗಳು, ಖಾಸಗಿ ಹಾಗೂ ಸರ್ಕಾರಿ ಆಸ್ಪತ್ರೆಗಳು, ಕ್ರೀಡಾ ಸಂಕೀರ್ಣಗಳು, ಬಸ್ ನಿಲ್ದಾಣಗಳು, ರೈಲ್ವೆ ನಿಲ್ದಾಣಗಳ ಮುಖ್ಯಸ್ಥರಿಗೆ ಮಹಾನಗರ ಪಾಲಿಕೆ ಆಯುಕ್ತರು ಸೂಚನೆ ನೀಡಿದ್ದಾರೆ.
